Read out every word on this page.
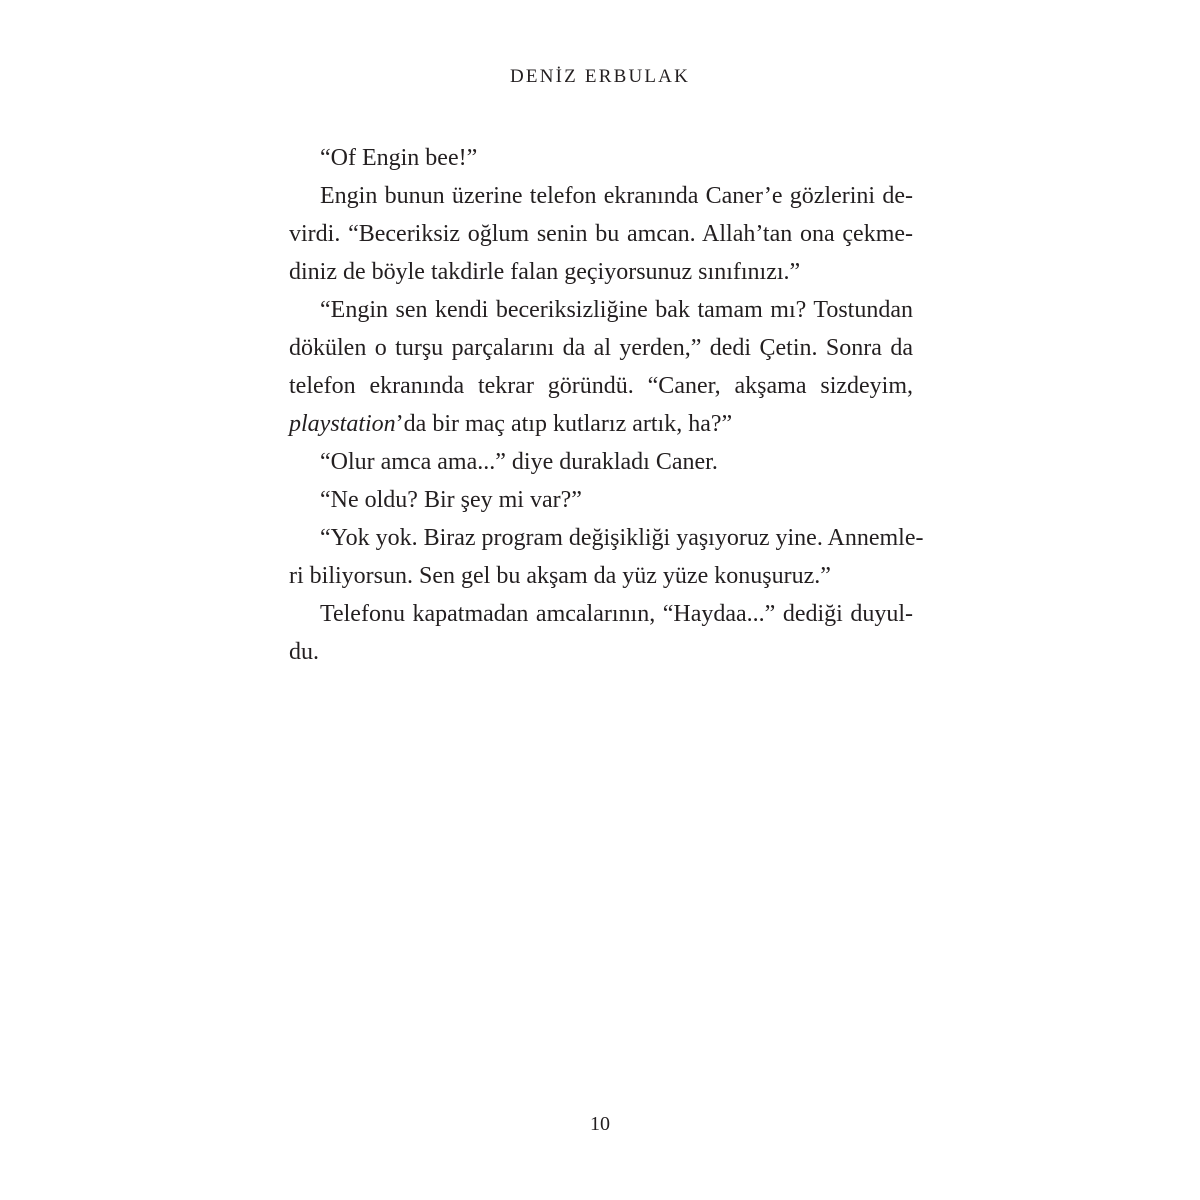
DENİZ ERBULAK

“Of Engin bee!”

Engin bunun üzerine telefon ekranında Caner’e gözlerini de-

virdi. “Beceriksiz oğlum senin bu amcan. Allah’tan ona çekme-

diniz de böyle takdirle falan geçiyorsunuz sınıfınızı.”

“Engin sen kendi beceriksizliğine bak tamam mı? Tostundan

dökülen o turşu parçalarını da al yerden,” dedi Çetin. Sonra da

telefon ekranında tekrar göründü. “Caner, akşama sizdeyim,

playstation’da bir maç atıp kutlarız artık, ha?”

“Olur amca ama...” diye durakladı Caner.

“Ne oldu? Bir şey mi var?”

“Yok yok. Biraz program değişikliği yaşıyoruz yine. Annemle-

ri biliyorsun. Sen gel bu akşam da yüz yüze konuşuruz.”

Telefonu kapatmadan amcalarının, “Haydaa...” dediği duyul-

du.

10
